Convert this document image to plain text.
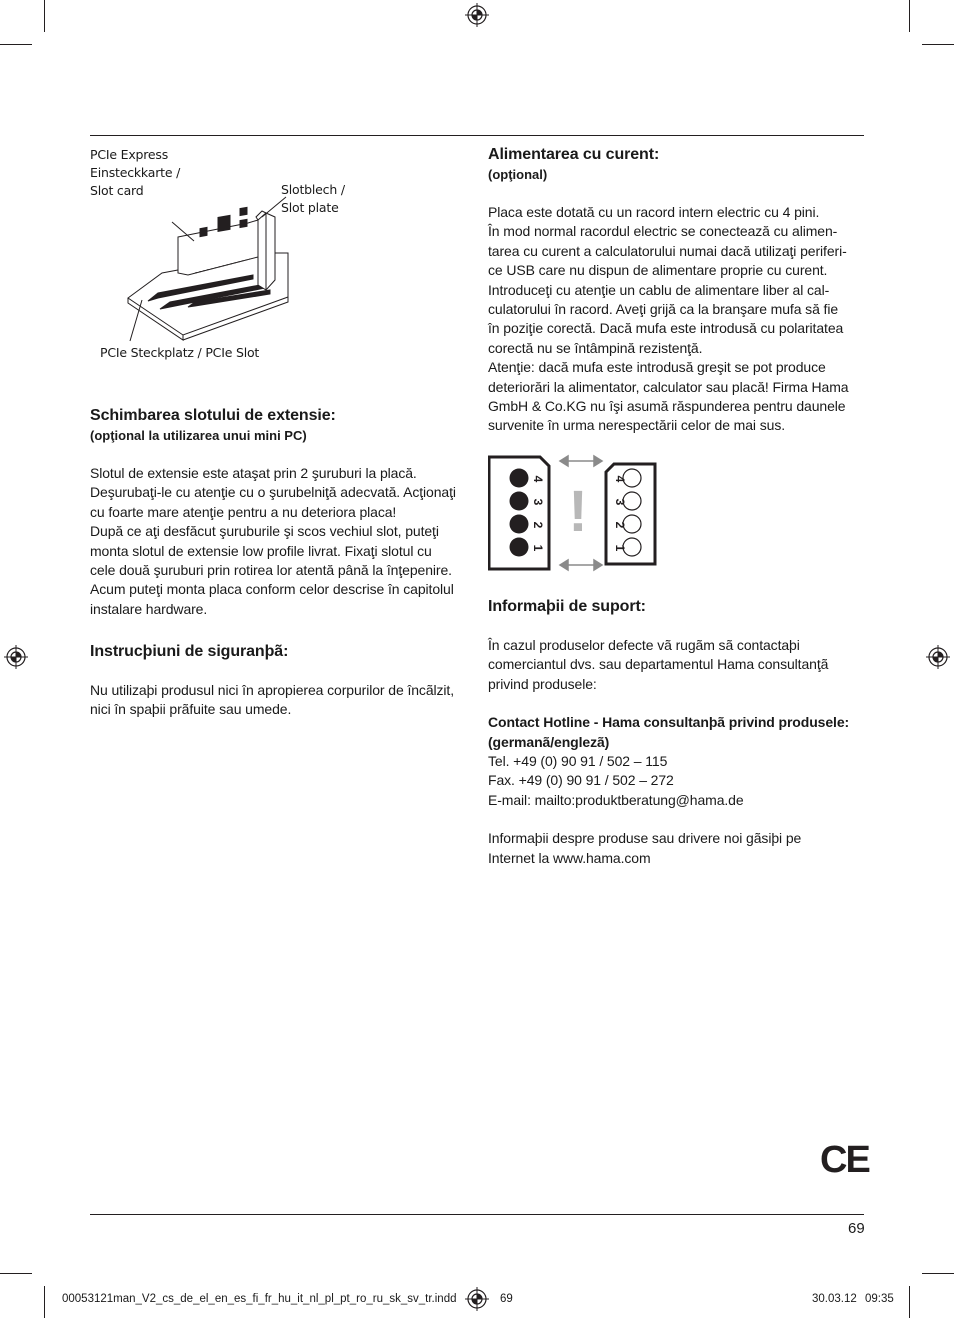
PCIe Express
Einsteckkarte /
Slot card	Slotblech /
Slot plate
PCIe Steckplatz / PCIe Slot
Schimbarea slotului de extensie:
(opţional la utilizarea unui mini PC)
Slotul de extensie este ataşat prin 2 şuruburi la placă.
Deşurubaţi-le cu atenţie cu o şurubelniţă adecvată. Acţionaţi
cu foarte mare atenţie pentru a nu deteriora placa!
După ce aţi desfăcut şuruburile şi scos vechiul slot, puteţi
monta slotul de extensie low profile livrat. Fixaţi slotul cu
cele două şuruburi prin rotirea lor atentă până la înţepenire.
Acum puteţi monta placa conform celor descrise în capitolul
instalare hardware.
Instrucþiuni de siguranþã:
Nu utilizaþi produsul nici în apropierea corpurilor de încãlzit,
nici în spaþii prãfuite sau umede.
Alimentarea cu curent:
(opţional)
Placa este dotată cu un racord intern electric cu 4 pini.
În mod normal racordul electric se conectează cu alimen-
tarea cu curent a calculatorului numai dacă utilizaţi periferi-
ce USB care nu dispun de alimentare proprie cu curent.
Introduceţi cu atenţie un cablu de alimentare liber al cal-
culatorului în racord. Aveţi grijă ca la branşare mufa să fie
în poziţie corectă. Dacă mufa este introdusă cu polaritatea
corectă nu se întâmpină rezistenţă.
Atenţie: dacă mufa este introdusă greşit se pot produce
deteriorări la alimentator, calculator sau placă! Firma Hama
GmbH & Co.KG nu îşi asumă răspunderea pentru daunele
survenite în urma nerespectării celor de mai sus.
4
3
2
1
! 4
3
2
1
Informaþii de suport:
În cazul produselor defecte vã rugãm sã contactaþi
comerciantul dvs. sau departamentul Hama consultanţã
privind produsele:
Contact Hotline - Hama consultanþã privind produsele:
(germanã/englezã)
Tel. +49 (0) 90 91 / 502 – 115
Fax. +49 (0) 90 91 / 502 – 272
E-mail: mailto:produktberatung@hama.de
Informaþii despre produse sau drivere noi gãsiþi pe
Internet la www.hama.com
CE
69
00053121man_V2_cs_de_el_en_es_fi_fr_hu_it_nl_pl_pt_ro_ru_sk_sv_tr.indd	69	30.03.12 09:35
